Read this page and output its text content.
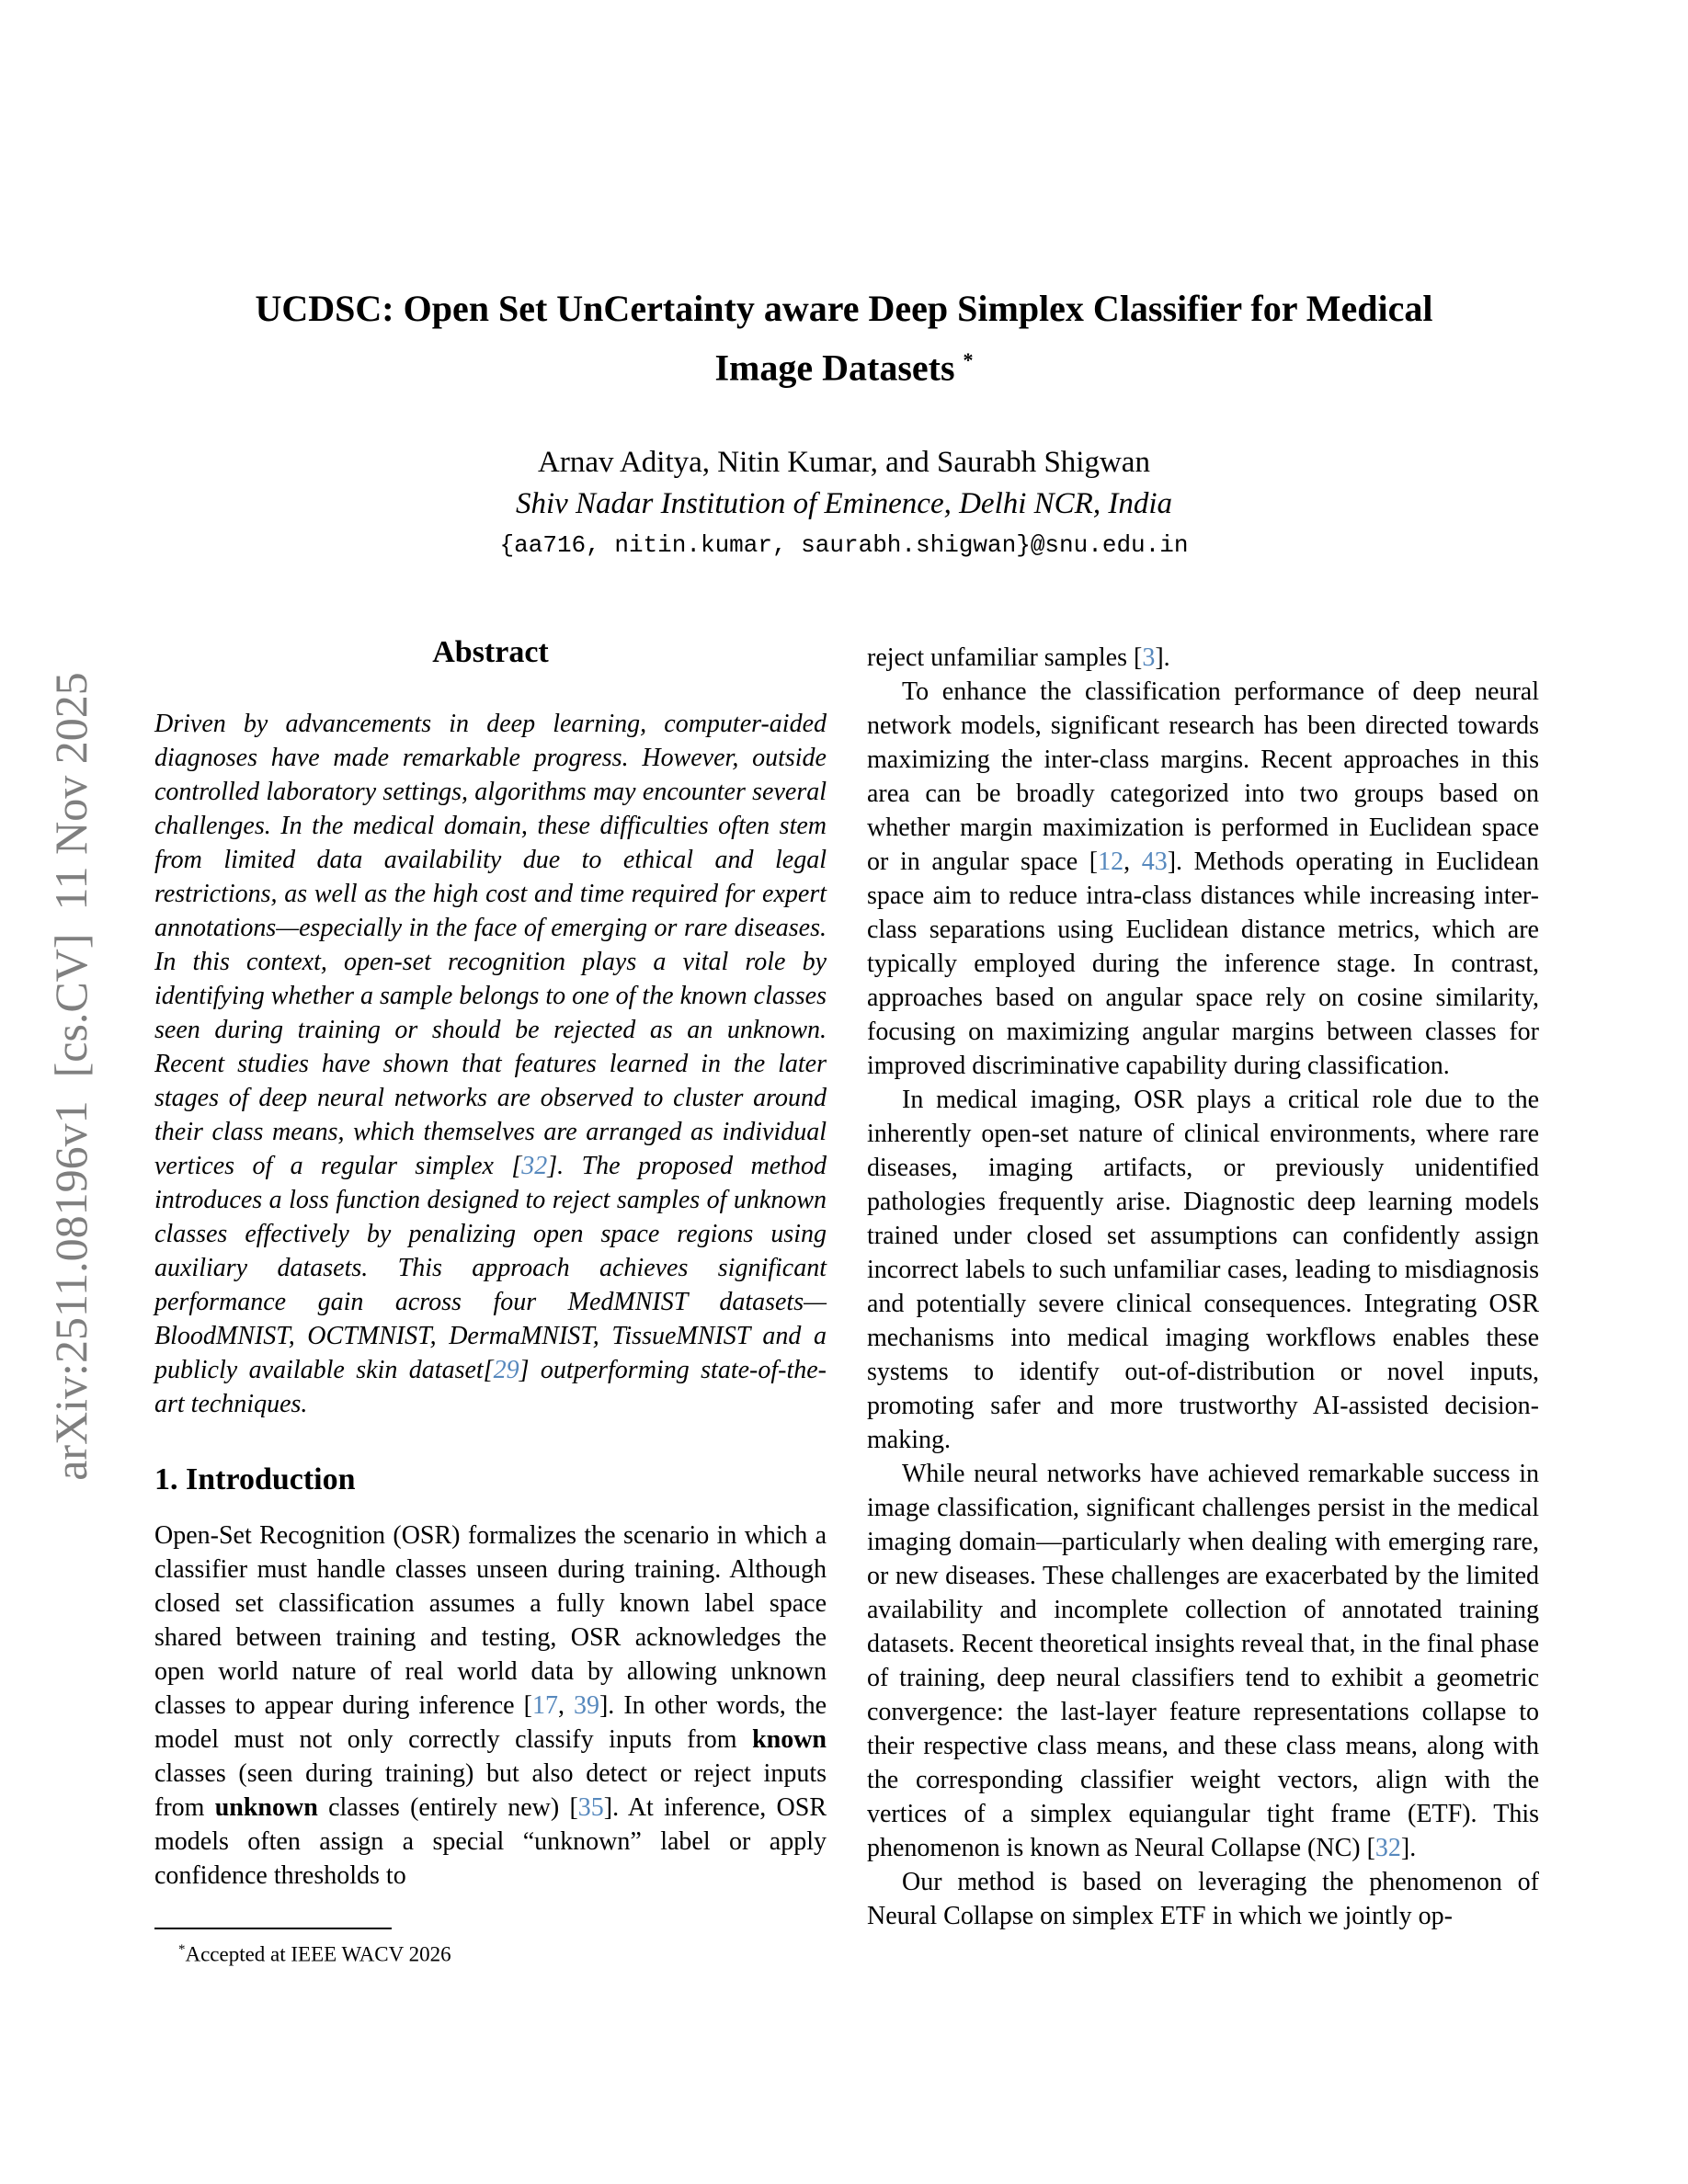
arXiv:2511.08196v1  [cs.CV]  11 Nov 2025
UCDSC: Open Set UnCertainty aware Deep Simplex Classifier for Medical
Image Datasets *
Arnav Aditya, Nitin Kumar, and Saurabh Shigwan
Shiv Nadar Institution of Eminence, Delhi NCR, India
{aa716, nitin.kumar, saurabh.shigwan}@snu.edu.in
Abstract

Driven by advancements in deep learning, computer-aided diagnoses have made remarkable progress. However, outside controlled laboratory settings, algorithms may encounter several challenges. In the medical domain, these difficulties often stem from limited data availability due to ethical and legal restrictions, as well as the high cost and time required for expert annotations—especially in the face of emerging or rare diseases. In this context, open-set recognition plays a vital role by identifying whether a sample belongs to one of the known classes seen during training or should be rejected as an unknown. Recent studies have shown that features learned in the later stages of deep neural networks are observed to cluster around their class means, which themselves are arranged as individual vertices of a regular simplex [32]. The proposed method introduces a loss function designed to reject samples of unknown classes effectively by penalizing open space regions using auxiliary datasets. This approach achieves significant performance gain across four MedMNIST datasets—BloodMNIST, OCTMNIST, DermaMNIST, TissueMNIST and a publicly available skin dataset[29] outperforming state-of-the-art techniques.

1. Introduction

Open-Set Recognition (OSR) formalizes the scenario in which a classifier must handle classes unseen during training. Although closed set classification assumes a fully known label space shared between training and testing, OSR acknowledges the open world nature of real world data by allowing unknown classes to appear during inference [17, 39]. In other words, the model must not only correctly classify inputs from known classes (seen during training) but also detect or reject inputs from unknown classes (entirely new) [35]. At inference, OSR models often assign a special “unknown” label or apply confidence thresholds to

reject unfamiliar samples [3].

To enhance the classification performance of deep neural network models, significant research has been directed towards maximizing the inter-class margins. Recent approaches in this area can be broadly categorized into two groups based on whether margin maximization is performed in Euclidean space or in angular space [12, 43]. Methods operating in Euclidean space aim to reduce intra-class distances while increasing inter-class separations using Euclidean distance metrics, which are typically employed during the inference stage. In contrast, approaches based on angular space rely on cosine similarity, focusing on maximizing angular margins between classes for improved discriminative capability during classification.

In medical imaging, OSR plays a critical role due to the inherently open-set nature of clinical environments, where rare diseases, imaging artifacts, or previously unidentified pathologies frequently arise. Diagnostic deep learning models trained under closed set assumptions can confidently assign incorrect labels to such unfamiliar cases, leading to misdiagnosis and potentially severe clinical consequences. Integrating OSR mechanisms into medical imaging workflows enables these systems to identify out-of-distribution or novel inputs, promoting safer and more trustworthy AI-assisted decision-making.

While neural networks have achieved remarkable success in image classification, significant challenges persist in the medical imaging domain—particularly when dealing with emerging rare, or new diseases. These challenges are exacerbated by the limited availability and incomplete collection of annotated training datasets. Recent theoretical insights reveal that, in the final phase of training, deep neural classifiers tend to exhibit a geometric convergence: the last-layer feature representations collapse to their respective class means, and these class means, along with the corresponding classifier weight vectors, align with the vertices of a simplex equiangular tight frame (ETF). This phenomenon is known as Neural Collapse (NC) [32].

Our method is based on leveraging the phenomenon of Neural Collapse on simplex ETF in which we jointly op-

*Accepted at IEEE WACV 2026
